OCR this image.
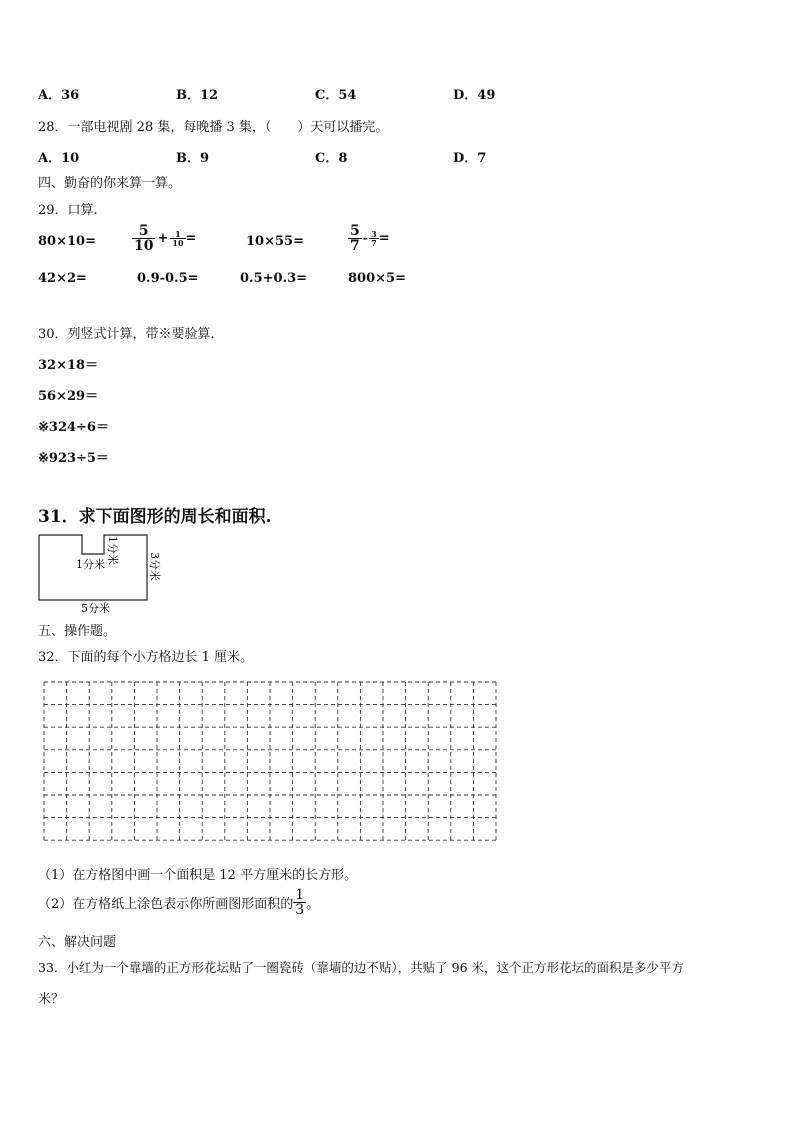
A．36	B．12	C．54	D．49
28．一部电视剧 28 集，每晚播 3 集，（　　）天可以播完。
A．10	B．9	C．8	D．7
四、勤奋的你来算一算。
29．口算.
80×10=	$\frac{5}{10} + \frac{1}{10}$ =	10×55=	$\frac{5}{7} - \frac{3}{7}$ =
42×2=	0.9-0.5=	0.5+0.3=	800×5=
30．列竖式计算，带※要验算.
32×18＝
56×29＝
※324÷6＝
※923÷5＝
31．求下面图形的周长和面积.
1分米 1分米
3分米
5分米
五、操作题。
32．下面的每个小方格边长 1 厘米。
（1）在方格图中画一个面积是 12 平方厘米的长方形。
（2）在方格纸上涂色表示你所画图形面积的 $\frac{1}{3}$ 。
六、解决问题
33．小红为一个靠墙的正方形花坛贴了一圈瓷砖（靠墙的边不贴），共贴了 96 米，这个正方形花坛的面积是多少平方
米？
